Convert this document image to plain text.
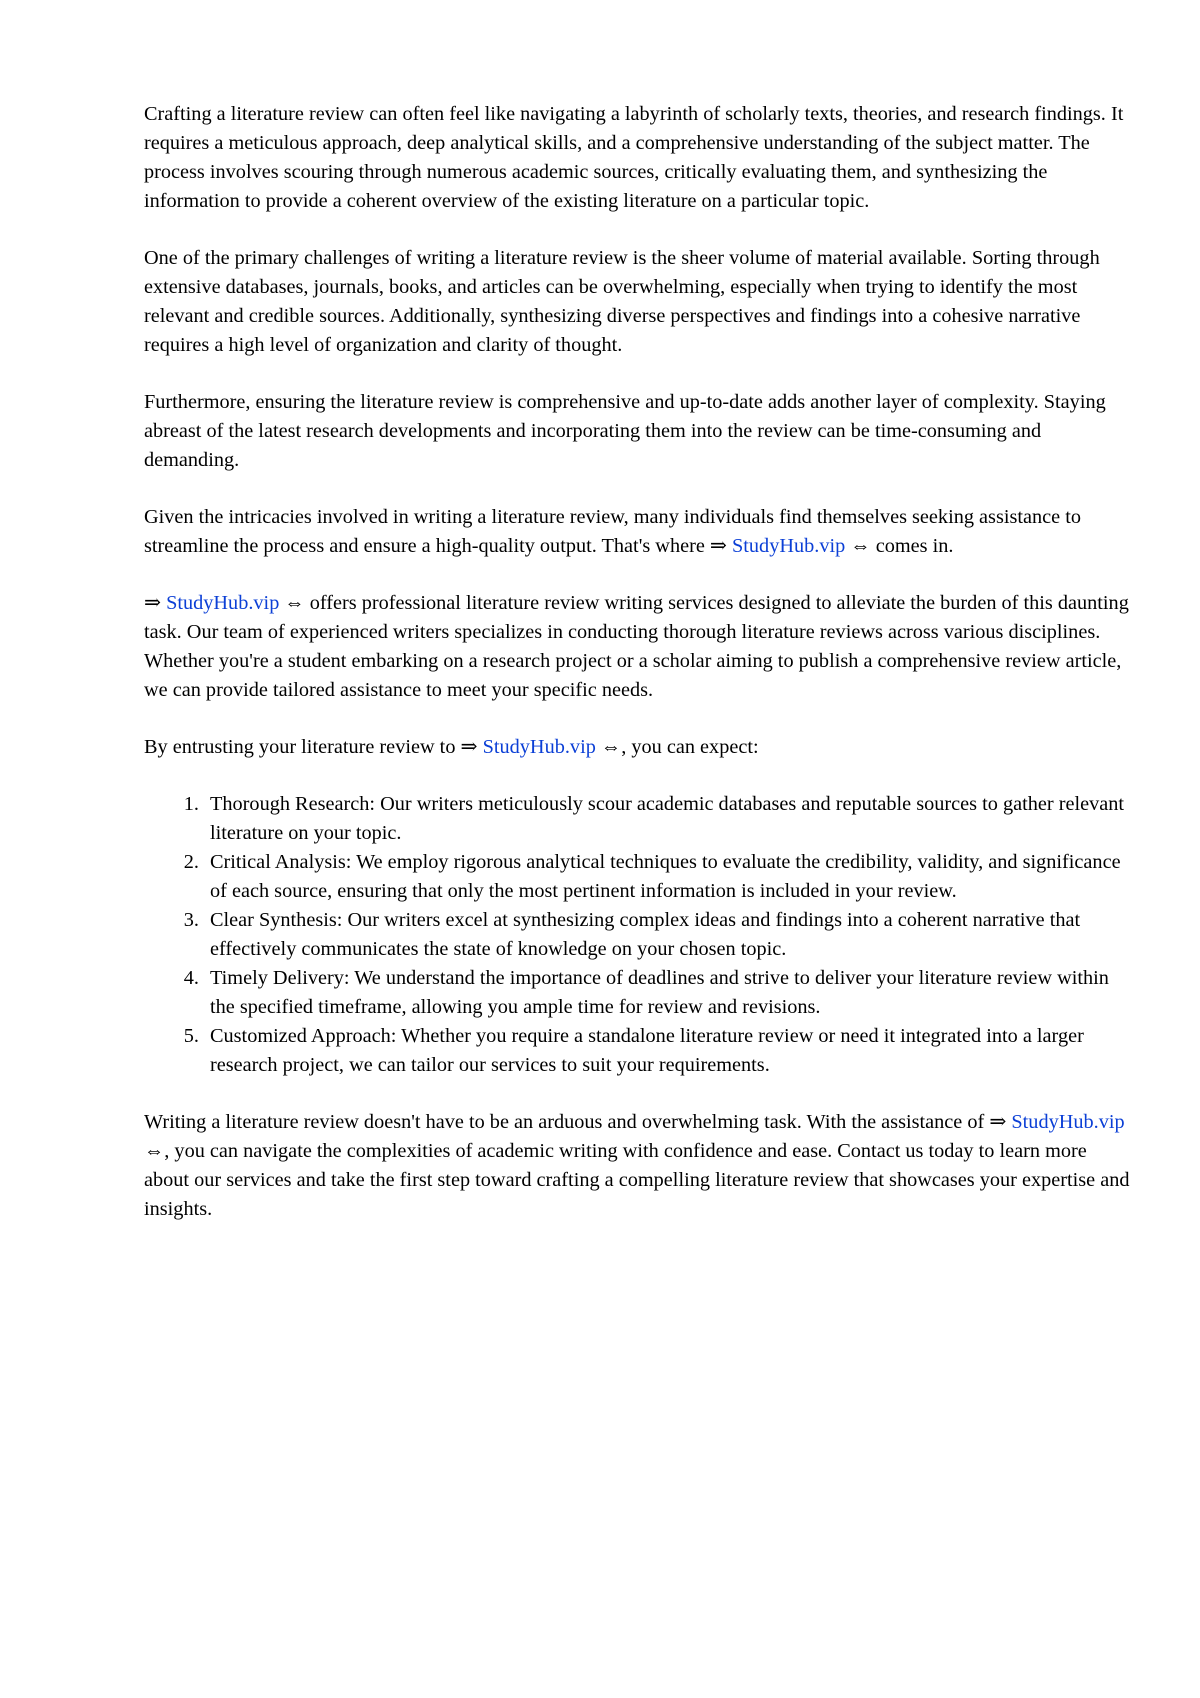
Crafting a literature review can often feel like navigating a labyrinth of scholarly texts, theories, and research findings. It requires a meticulous approach, deep analytical skills, and a comprehensive understanding of the subject matter. The process involves scouring through numerous academic sources, critically evaluating them, and synthesizing the information to provide a coherent overview of the existing literature on a particular topic.

One of the primary challenges of writing a literature review is the sheer volume of material available. Sorting through extensive databases, journals, books, and articles can be overwhelming, especially when trying to identify the most relevant and credible sources. Additionally, synthesizing diverse perspectives and findings into a cohesive narrative requires a high level of organization and clarity of thought.

Furthermore, ensuring the literature review is comprehensive and up-to-date adds another layer of complexity. Staying abreast of the latest research developments and incorporating them into the review can be time-consuming and demanding.

Given the intricacies involved in writing a literature review, many individuals find themselves seeking assistance to streamline the process and ensure a high-quality output. That's where ⇒ StudyHub.vip ⇔ comes in.

⇒ StudyHub.vip ⇔ offers professional literature review writing services designed to alleviate the burden of this daunting task. Our team of experienced writers specializes in conducting thorough literature reviews across various disciplines. Whether you're a student embarking on a research project or a scholar aiming to publish a comprehensive review article, we can provide tailored assistance to meet your specific needs.

By entrusting your literature review to ⇒ StudyHub.vip ⇔, you can expect:

1. Thorough Research: Our writers meticulously scour academic databases and reputable sources to gather relevant literature on your topic.
2. Critical Analysis: We employ rigorous analytical techniques to evaluate the credibility, validity, and significance of each source, ensuring that only the most pertinent information is included in your review.
3. Clear Synthesis: Our writers excel at synthesizing complex ideas and findings into a coherent narrative that effectively communicates the state of knowledge on your chosen topic.
4. Timely Delivery: We understand the importance of deadlines and strive to deliver your literature review within the specified timeframe, allowing you ample time for review and revisions.
5. Customized Approach: Whether you require a standalone literature review or need it integrated into a larger research project, we can tailor our services to suit your requirements.

Writing a literature review doesn't have to be an arduous and overwhelming task. With the assistance of ⇒ StudyHub.vip ⇔, you can navigate the complexities of academic writing with confidence and ease. Contact us today to learn more about our services and take the first step toward crafting a compelling literature review that showcases your expertise and insights.
